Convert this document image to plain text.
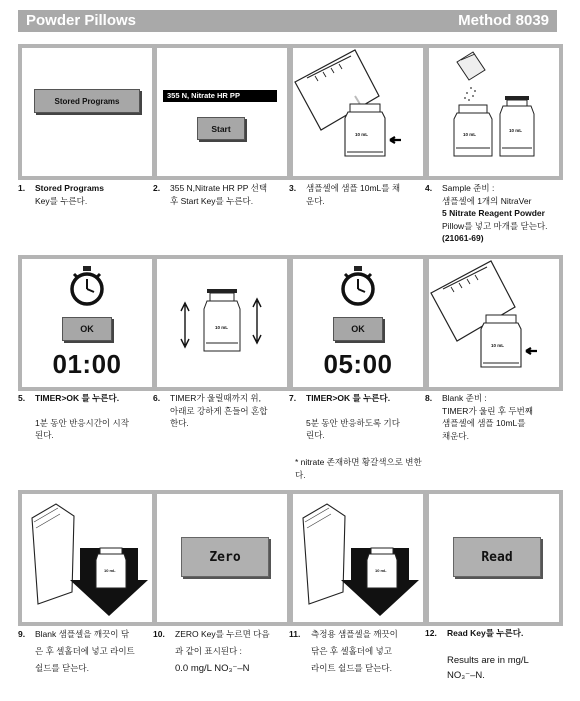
Powder Pillows	Method 8039
Stored Programs
355 N, Nitrate HR PP
Start
10 mL	10 mL
10 mL
1. Stored Programs
Key를 누른다.
2. 355 N,Nitrate HR PP 선택
후 Start Key를 누른다.
3. 샘플셀에 샘플 10mL를 채
운다.
4. Sample 준비 :
샘플셀에 1개의 NitraVer
5 Nitrate Reagent Powder
Pillow를 넣고 마개를 닫는다.
(21061-69)
OK
01:00
10 mL	OK
05:00
10 mL
5. TIMER>OK 를 누른다.
1분 동안 반응시간이 시작
된다.
6. TIMER가 울릴때까지 위,
아래로 강하게 흔들어 혼합
한다.
7. TIMER>OK 를 누른다.
5분 동안 반응하도록 기다
린다.
* nitrate 존재하면 황갈색으로 변한다.
8. Blank 준비 :
TIMER가 울린 후 두번째
샘플셀에 샘플 10mL를
채운다.
10 mL
Zero
10 mL
Read
9. Blank 샘플셀을 깨끗이 닦
은 후 셀홀더에 넣고 라이트
쉴드를 닫는다.
10. ZERO Key를 누르면 다음
과 같이 표시된다 :
0.0 mg/L NO₃⁻–N
11. 측정용 샘플셀을 깨끗이
닦은 후 셀홀더에 넣고
라이트 쉴드를 닫는다.
12. Read Key를 누른다.
Results are in mg/L
NO₃⁻–N.
